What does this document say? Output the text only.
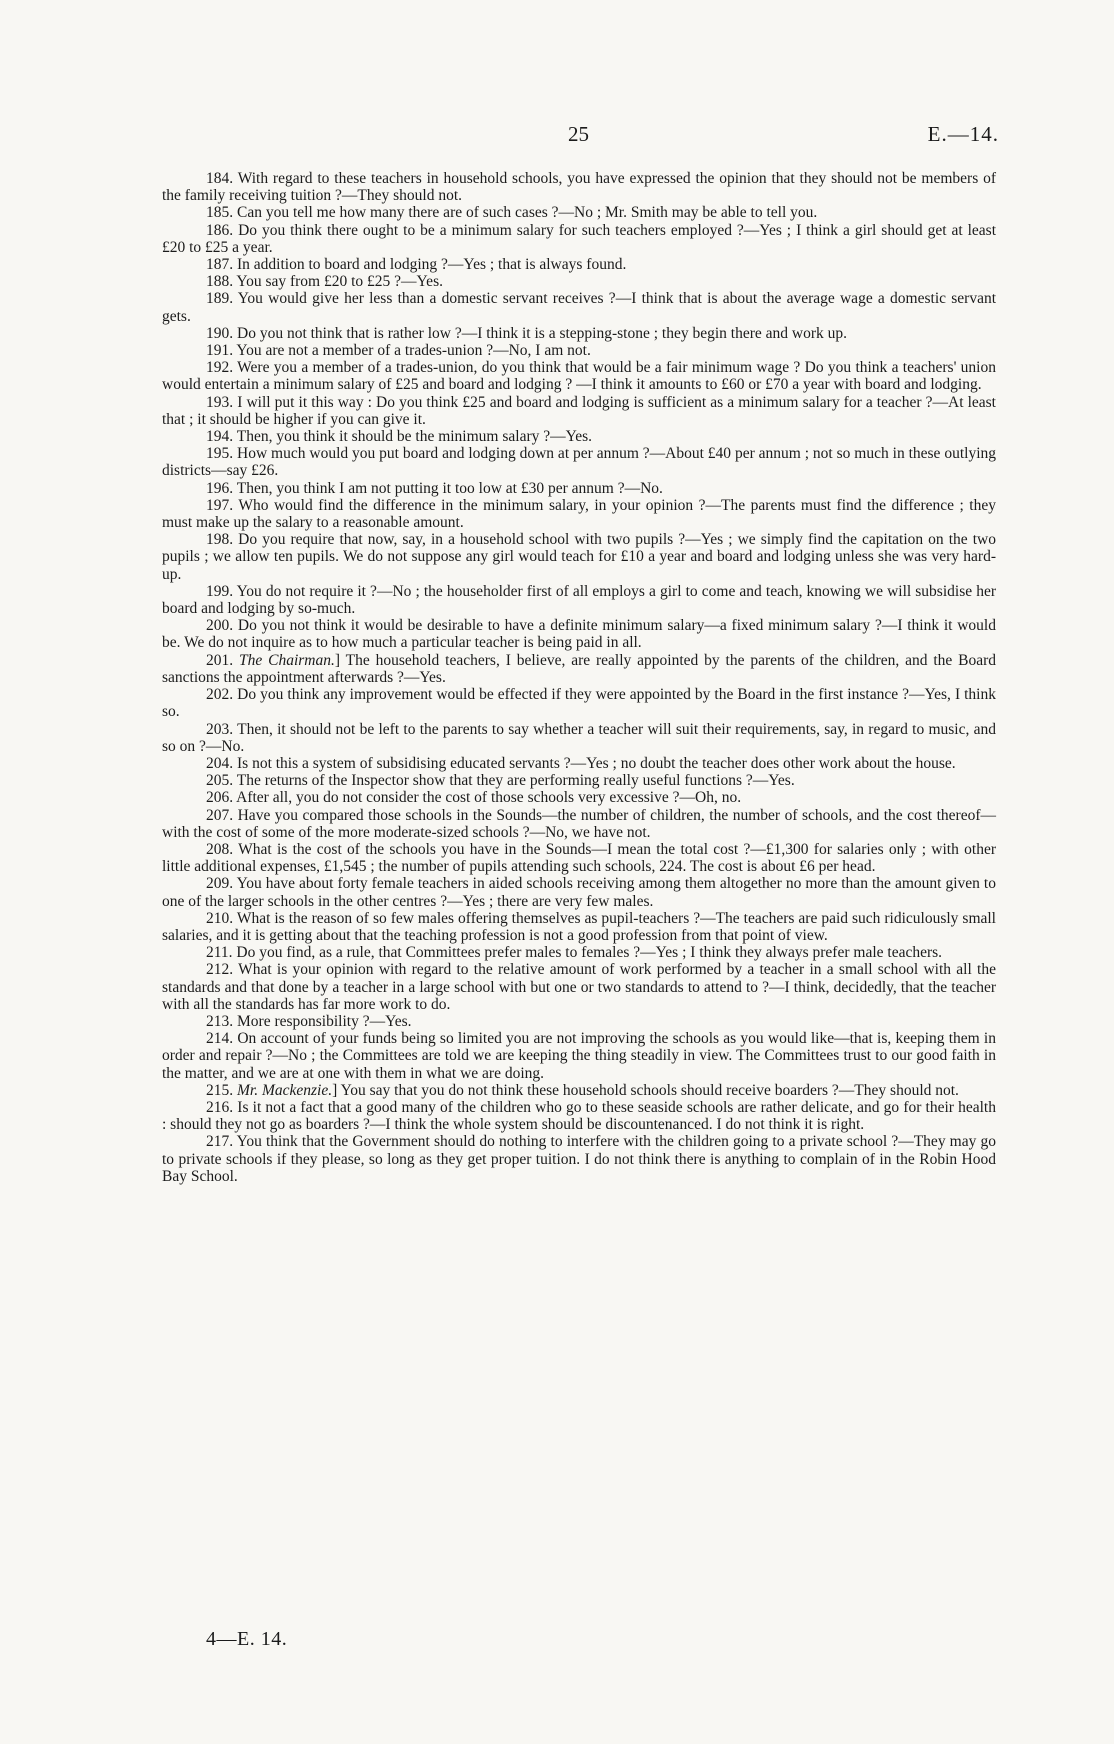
25	E.—14.

184. With regard to these teachers in household schools, you have expressed the opinion that they should not be members of the family receiving tuition ?—They should not.

185. Can you tell me how many there are of such cases ?—No ; Mr. Smith may be able to tell you.

186. Do you think there ought to be a minimum salary for such teachers employed ?—Yes ; I think a girl should get at least £20 to £25 a year.

187. In addition to board and lodging ?—Yes ; that is always found.

188. You say from £20 to £25 ?—Yes.

189. You would give her less than a domestic servant receives ?—I think that is about the average wage a domestic servant gets.

190. Do you not think that is rather low ?—I think it is a stepping-stone ; they begin there and work up.

191. You are not a member of a trades-union ?—No, I am not.

192. Were you a member of a trades-union, do you think that would be a fair minimum wage ? Do you think a teachers' union would entertain a minimum salary of £25 and board and lodging ? —I think it amounts to £60 or £70 a year with board and lodging.

193. I will put it this way : Do you think £25 and board and lodging is sufficient as a minimum salary for a teacher ?—At least that ; it should be higher if you can give it.

194. Then, you think it should be the minimum salary ?—Yes.

195. How much would you put board and lodging down at per annum ?—About £40 per annum ; not so much in these outlying districts—say £26.

196. Then, you think I am not putting it too low at £30 per annum ?—No.

197. Who would find the difference in the minimum salary, in your opinion ?—The parents must find the difference ; they must make up the salary to a reasonable amount.

198. Do you require that now, say, in a household school with two pupils ?—Yes ; we simply find the capitation on the two pupils ; we allow ten pupils. We do not suppose any girl would teach for £10 a year and board and lodging unless she was very hard-up.

199. You do not require it ?—No ; the householder first of all employs a girl to come and teach, knowing we will subsidise her board and lodging by so-much.

200. Do you not think it would be desirable to have a definite minimum salary—a fixed minimum salary ?—I think it would be. We do not inquire as to how much a particular teacher is being paid in all.

201. The Chairman.] The household teachers, I believe, are really appointed by the parents of the children, and the Board sanctions the appointment afterwards ?—Yes.

202. Do you think any improvement would be effected if they were appointed by the Board in the first instance ?—Yes, I think so.

203. Then, it should not be left to the parents to say whether a teacher will suit their requirements, say, in regard to music, and so on ?—No.

204. Is not this a system of subsidising educated servants ?—Yes ; no doubt the teacher does other work about the house.

205. The returns of the Inspector show that they are performing really useful functions ?—Yes.

206. After all, you do not consider the cost of those schools very excessive ?—Oh, no.

207. Have you compared those schools in the Sounds—the number of children, the number of schools, and the cost thereof—with the cost of some of the more moderate-sized schools ?—No, we have not.

208. What is the cost of the schools you have in the Sounds—I mean the total cost ?—£1,300 for salaries only ; with other little additional expenses, £1,545 ; the number of pupils attending such schools, 224. The cost is about £6 per head.

209. You have about forty female teachers in aided schools receiving among them altogether no more than the amount given to one of the larger schools in the other centres ?—Yes ; there are very few males.

210. What is the reason of so few males offering themselves as pupil-teachers ?—The teachers are paid such ridiculously small salaries, and it is getting about that the teaching profession is not a good profession from that point of view.

211. Do you find, as a rule, that Committees prefer males to females ?—Yes ; I think they always prefer male teachers.

212. What is your opinion with regard to the relative amount of work performed by a teacher in a small school with all the standards and that done by a teacher in a large school with but one or two standards to attend to ?—I think, decidedly, that the teacher with all the standards has far more work to do.

213. More responsibility ?—Yes.

214. On account of your funds being so limited you are not improving the schools as you would like—that is, keeping them in order and repair ?—No ; the Committees are told we are keeping the thing steadily in view. The Committees trust to our good faith in the matter, and we are at one with them in what we are doing.

215. Mr. Mackenzie.] You say that you do not think these household schools should receive boarders ?—They should not.

216. Is it not a fact that a good many of the children who go to these seaside schools are rather delicate, and go for their health : should they not go as boarders ?—I think the whole system should be discountenanced. I do not think it is right.

217. You think that the Government should do nothing to interfere with the children going to a private school ?—They may go to private schools if they please, so long as they get proper tuition. I do not think there is anything to complain of in the Robin Hood Bay School.

4—E. 14.
